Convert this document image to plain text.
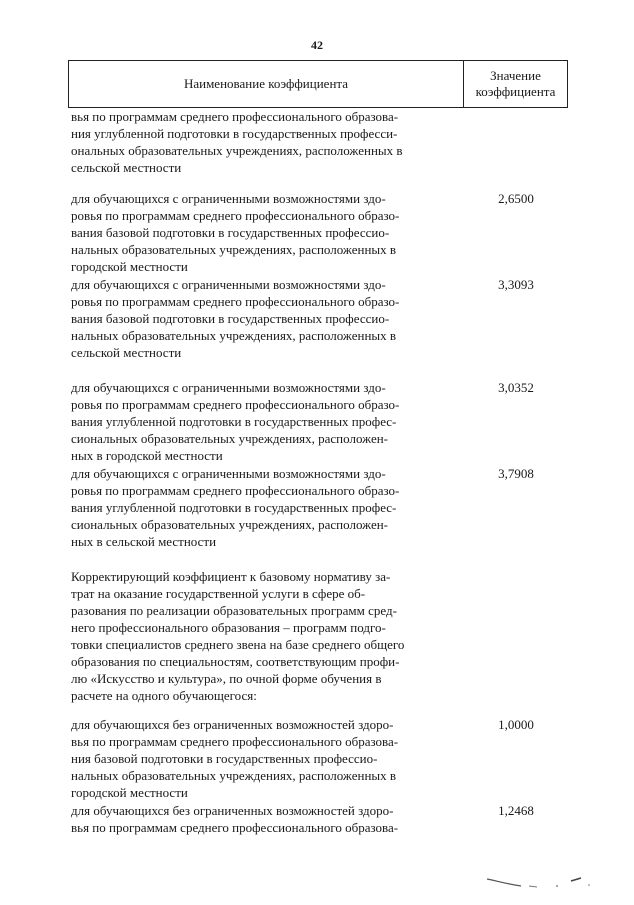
42
Наименование коэффициента
Значение
коэффициента
вья по программам среднего профессионального образова-
ния углубленной подготовки в государственных професси-
ональных образовательных учреждениях, расположенных в
сельской местности
для обучающихся с ограниченными возможностями здо-
ровья по программам среднего профессионального образо-
вания базовой подготовки в государственных профессио-
нальных образовательных учреждениях, расположенных в
городской местности
2,6500
для обучающихся с ограниченными возможностями здо-
ровья по программам среднего профессионального образо-
вания базовой подготовки в государственных профессио-
нальных образовательных учреждениях, расположенных в
сельской местности
3,3093
для обучающихся с ограниченными возможностями здо-
ровья по программам среднего профессионального образо-
вания углубленной подготовки в государственных профес-
сиональных образовательных учреждениях, расположен-
ных в городской местности
3,0352
для обучающихся с ограниченными возможностями здо-
ровья по программам среднего профессионального образо-
вания углубленной подготовки в государственных профес-
сиональных образовательных учреждениях, расположен-
ных в сельской местности
3,7908
Корректирующий коэффициент к базовому нормативу за-
трат на оказание государственной услуги в сфере об-
разования по реализации образовательных программ сред-
него профессионального образования – программ подго-
товки специалистов среднего звена на базе среднего общего
образования по специальностям, соответствующим профи-
лю «Искусство и культура», по очной форме обучения в
расчете на одного обучающегося:
для обучающихся без ограниченных возможностей здоро-
вья по программам среднего профессионального образова-
ния базовой подготовки в государственных профессио-
нальных образовательных учреждениях, расположенных в
городской местности
1,0000
для обучающихся без ограниченных возможностей здоро-
вья по программам среднего профессионального образова-
1,2468
